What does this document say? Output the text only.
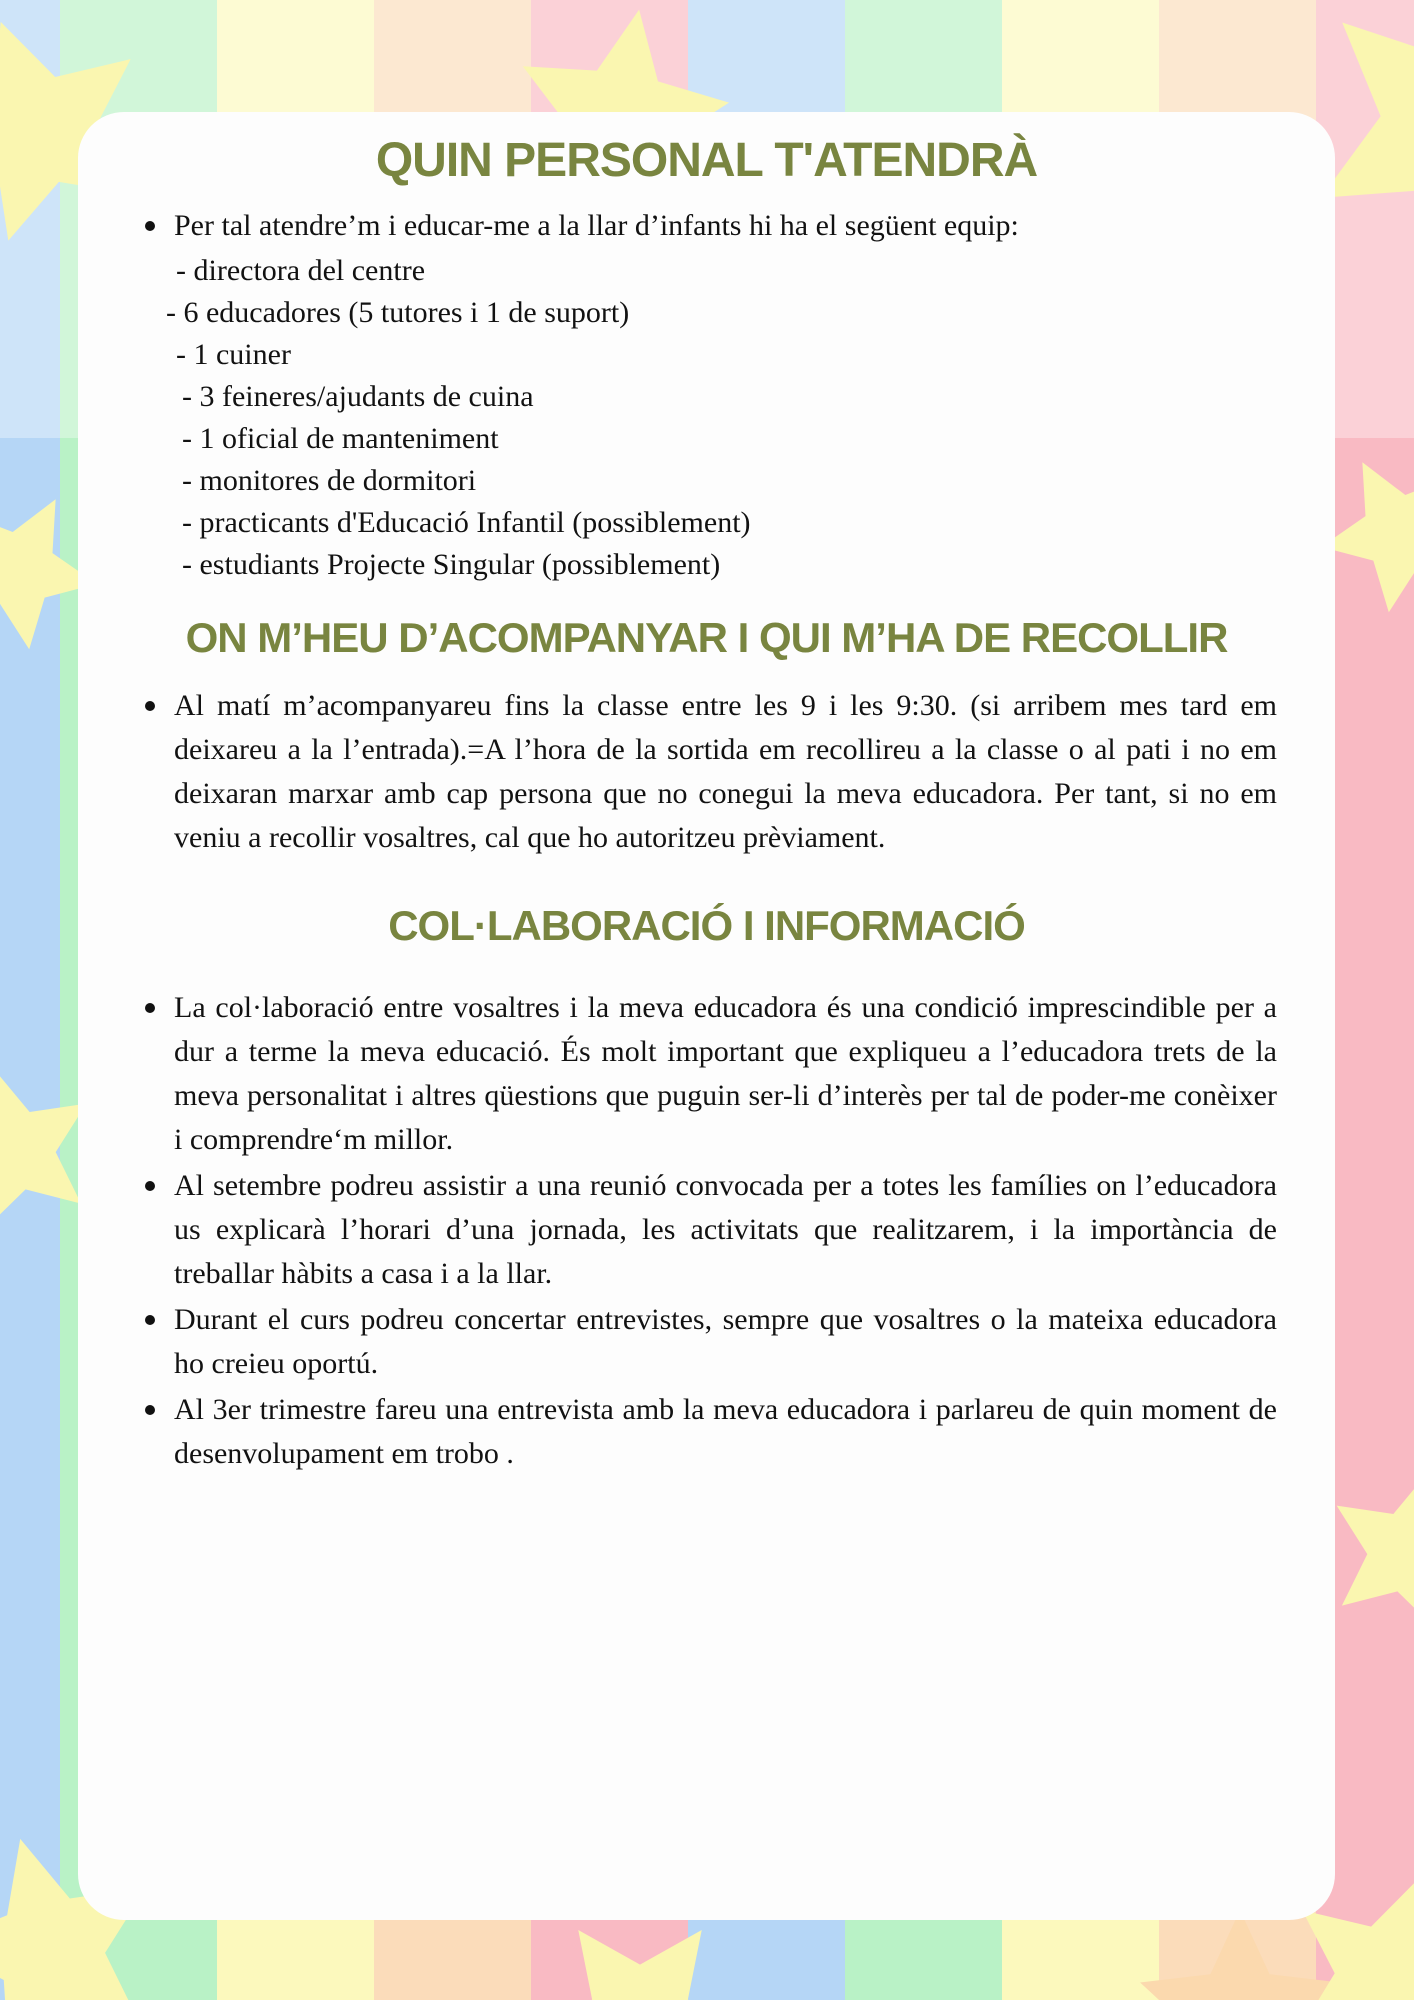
QUIN PERSONAL T'ATENDRÀ
Per tal atendre’m i educar-me a la llar d’infants hi ha el següent equip:
- directora del centre
- 6 educadores (5 tutores i 1 de suport)
- 1 cuiner
- 3 feineres/ajudants de cuina
- 1 oficial de manteniment
- monitores de dormitori
- practicants d'Educació Infantil (possiblement)
- estudiants Projecte Singular (possiblement)
ON M’HEU D’ACOMPANYAR I QUI M’HA DE RECOLLIR
Al matí m’acompanyareu fins la classe entre les 9 i les 9:30. (si arribem mes tard em deixareu a la l’entrada).=A l’hora de la sortida em recollireu a la classe o al pati i no em deixaran marxar amb cap persona que no conegui la meva educadora. Per tant, si no em veniu a recollir vosaltres, cal que ho autoritzeu prèviament.
COL·LABORACIÓ I INFORMACIÓ
La col·laboració entre vosaltres i la meva educadora és una condició imprescindible per a dur a terme la meva educació. És molt important que expliqueu a l’educadora trets de la meva personalitat i altres qüestions que puguin ser-li d’interès per tal de poder-me conèixer i comprendre‘m millor.
Al setembre podreu assistir a una reunió convocada per a totes les famílies on l’educadora us explicarà l’horari d’una jornada, les activitats que realitzarem, i la importància de treballar hàbits a casa i a la llar.
Durant el curs podreu concertar entrevistes, sempre que vosaltres o la mateixa educadora ho creieu oportú.
Al 3er trimestre fareu una entrevista amb la meva educadora i parlareu de quin moment de desenvolupament em trobo .
